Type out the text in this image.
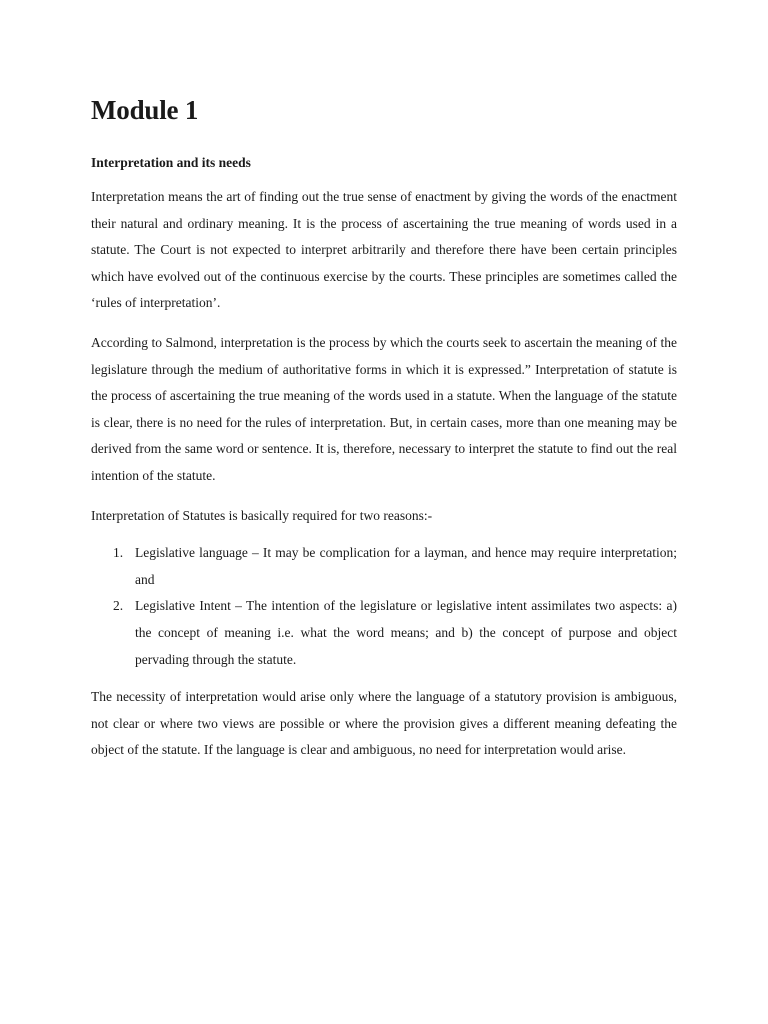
Module 1
Interpretation and its needs

Interpretation means the art of finding out the true sense of enactment by giving the words of the enactment their natural and ordinary meaning. It is the process of ascertaining the true meaning of words used in a statute. The Court is not expected to interpret arbitrarily and therefore there have been certain principles which have evolved out of the continuous exercise by the courts. These principles are sometimes called the ‘rules of interpretation’.

According to Salmond, interpretation is the process by which the courts seek to ascertain the meaning of the legislature through the medium of authoritative forms in which it is expressed.” Interpretation of statute is the process of ascertaining the true meaning of the words used in a statute. When the language of the statute is clear, there is no need for the rules of interpretation. But, in certain cases, more than one meaning may be derived from the same word or sentence. It is, therefore, necessary to interpret the statute to find out the real intention of the statute.

Interpretation of Statutes is basically required for two reasons:-

1. Legislative language – It may be complication for a layman, and hence may require interpretation; and
2. Legislative Intent – The intention of the legislature or legislative intent assimilates two aspects: a) the concept of meaning i.e. what the word means; and b) the concept of purpose and object pervading through the statute.

The necessity of interpretation would arise only where the language of a statutory provision is ambiguous, not clear or where two views are possible or where the provision gives a different meaning defeating the object of the statute. If the language is clear and ambiguous, no need for interpretation would arise.
